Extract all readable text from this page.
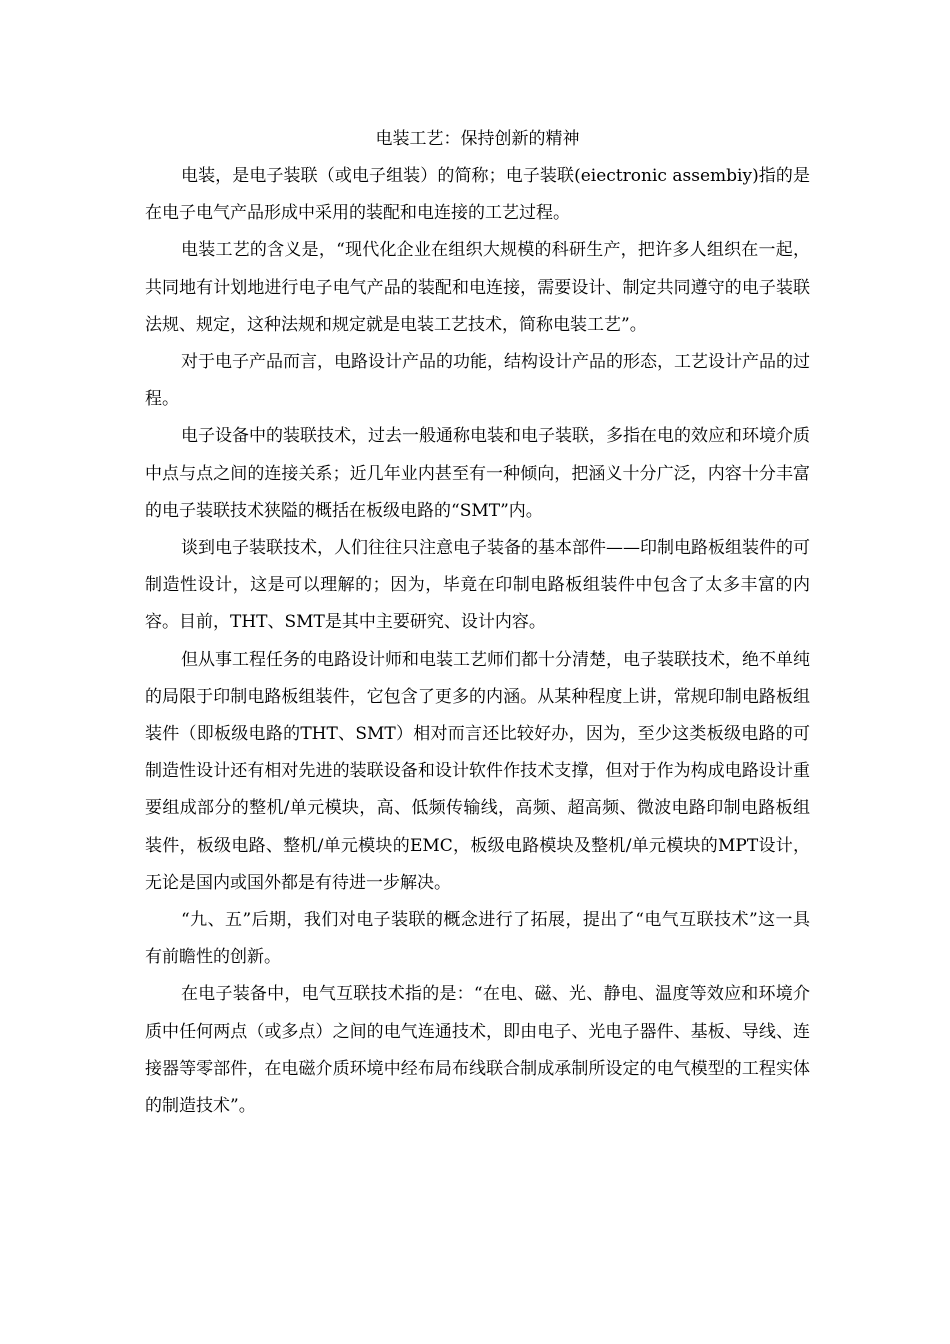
电装工艺：保持创新的精神

电装，是电子装联（或电子组装）的简称；电子装联(eiectronic assembiy)指的是在电子电气产品形成中采用的装配和电连接的工艺过程。

电装工艺的含义是，“现代化企业在组织大规模的科研生产，把许多人组织在一起，共同地有计划地进行电子电气产品的装配和电连接，需要设计、制定共同遵守的电子装联法规、规定，这种法规和规定就是电装工艺技术，简称电装工艺”。

对于电子产品而言，电路设计产品的功能，结构设计产品的形态，工艺设计产品的过程。

电子设备中的装联技术，过去一般通称电装和电子装联，多指在电的效应和环境介质中点与点之间的连接关系；近几年业内甚至有一种倾向，把涵义十分广泛，内容十分丰富的电子装联技术狭隘的概括在板级电路的“SMT”内。

谈到电子装联技术，人们往往只注意电子装备的基本部件——印制电路板组装件的可制造性设计，这是可以理解的；因为，毕竟在印制电路板组装件中包含了太多丰富的内容。目前，THT、SMT是其中主要研究、设计内容。

但从事工程任务的电路设计师和电装工艺师们都十分清楚，电子装联技术，绝不单纯的局限于印制电路板组装件，它包含了更多的内涵。从某种程度上讲，常规印制电路板组装件（即板级电路的THT、SMT）相对而言还比较好办，因为，至少这类板级电路的可制造性设计还有相对先进的装联设备和设计软件作技术支撑，但对于作为构成电路设计重要组成部分的整机/单元模块，高、低频传输线，高频、超高频、微波电路印制电路板组装件，板级电路、整机/单元模块的EMC，板级电路模块及整机/单元模块的MPT设计，无论是国内或国外都是有待进一步解决。

“九、五”后期，我们对电子装联的概念进行了拓展，提出了“电气互联技术”这一具有前瞻性的创新。

在电子装备中，电气互联技术指的是：“在电、磁、光、静电、温度等效应和环境介质中任何两点（或多点）之间的电气连通技术，即由电子、光电子器件、基板、导线、连接器等零部件，在电磁介质环境中经布局布线联合制成承制所设定的电气模型的工程实体的制造技术”。
